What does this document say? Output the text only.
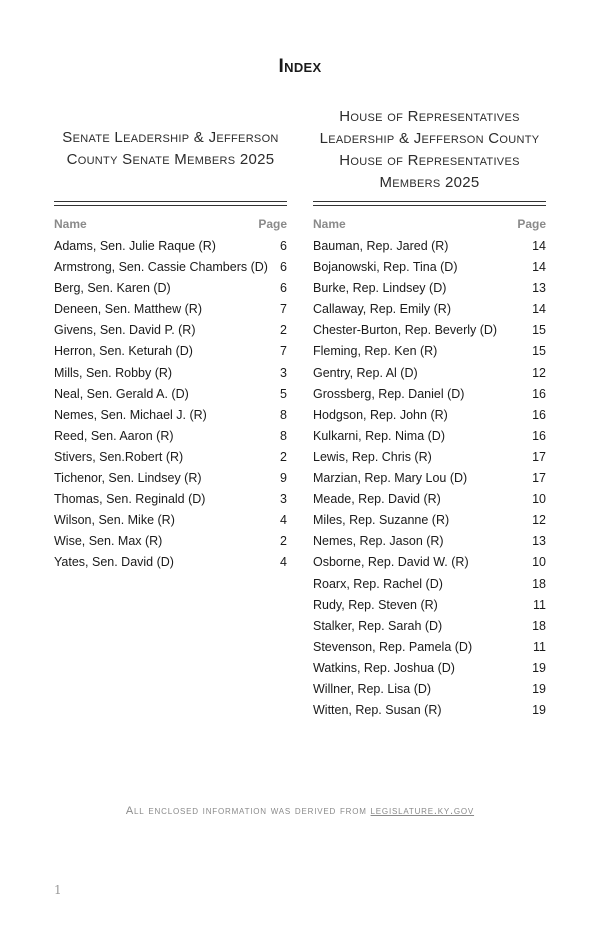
Index
Senate Leadership & Jefferson
County Senate Members 2025
Name	Page
Adams, Sen. Julie Raque (R)	6
Armstrong, Sen. Cassie Chambers (D) 6
Berg, Sen. Karen (D)	6
Deneen, Sen. Matthew (R)	7
Givens, Sen. David P. (R)	2
Herron, Sen. Keturah (D)	7
Mills, Sen. Robby (R)	3
Neal, Sen. Gerald A. (D)	5
Nemes, Sen. Michael J. (R)	8
Reed, Sen. Aaron (R)	8
Stivers, Sen.Robert (R)	2
Tichenor, Sen. Lindsey (R)	9
Thomas, Sen. Reginald (D)	3
Wilson, Sen. Mike (R)	4
Wise, Sen. Max (R)	2
Yates, Sen. David (D)	4
House of Representatives
Leadership & Jefferson County
House of Representatives
Members 2025
Name	Page
Bauman, Rep. Jared (R)	14
Bojanowski, Rep. Tina (D)	14
Burke, Rep. Lindsey (D)	13
Callaway, Rep. Emily (R)	14
Chester-Burton, Rep. Beverly (D)	15
Fleming, Rep. Ken (R)	15
Gentry, Rep. Al (D)	12
Grossberg, Rep. Daniel (D)	16
Hodgson, Rep. John (R)	16
Kulkarni, Rep. Nima (D)	16
Lewis, Rep. Chris (R)	17
Marzian, Rep. Mary Lou (D)	17
Meade, Rep. David (R)	10
Miles, Rep. Suzanne (R)	12
Nemes, Rep. Jason (R)	13
Osborne, Rep. David W. (R)	10
Roarx, Rep. Rachel (D)	18
Rudy, Rep. Steven (R)	11
Stalker, Rep. Sarah (D)	18
Stevenson, Rep. Pamela (D)	11
Watkins, Rep. Joshua (D)	19
Willner, Rep. Lisa (D)	19
Witten, Rep. Susan (R)	19
All enclosed information was derived from legislature.ky.gov
1
